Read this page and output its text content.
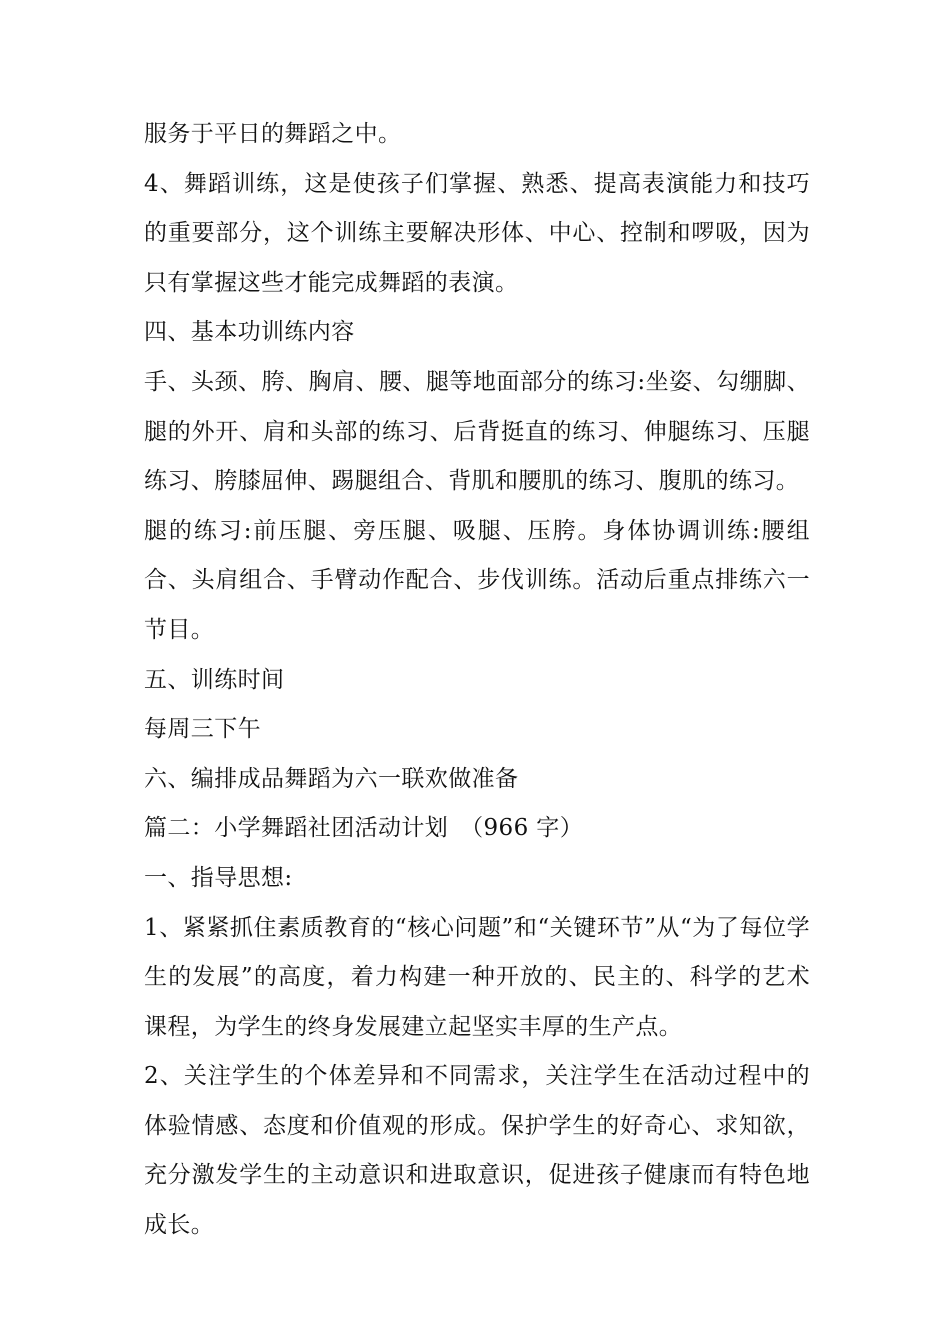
服务于平日的舞蹈之中。

4、舞蹈训练，这是使孩子们掌握、熟悉、提高表演能力和技巧的重要部分，这个训练主要解决形体、中心、控制和啰吸，因为只有掌握这些才能完成舞蹈的表演。

四、基本功训练内容

手、头颈、胯、胸肩、腰、腿等地面部分的练习:坐姿、勾绷脚、腿的外开、肩和头部的练习、后背挺直的练习、伸腿练习、压腿练习、胯膝屈伸、踢腿组合、背肌和腰肌的练习、腹肌的练习。

腿的练习:前压腿、旁压腿、吸腿、压胯。身体协调训练:腰组合、头肩组合、手臂动作配合、步伐训练。活动后重点排练六一节目。

五、训练时间

每周三下午

六、编排成品舞蹈为六一联欢做准备

篇二：小学舞蹈社团活动计划　（966 字）

一、指导思想:

1、紧紧抓住素质教育的“核心问题”和“关键环节”从“为了每位学生的发展”的高度，着力构建一种开放的、民主的、科学的艺术课程，为学生的终身发展建立起坚实丰厚的生产点。

2、关注学生的个体差异和不同需求，关注学生在活动过程中的体验情感、态度和价值观的形成。保护学生的好奇心、求知欲，充分激发学生的主动意识和进取意识，促进孩子健康而有特色地成长。
